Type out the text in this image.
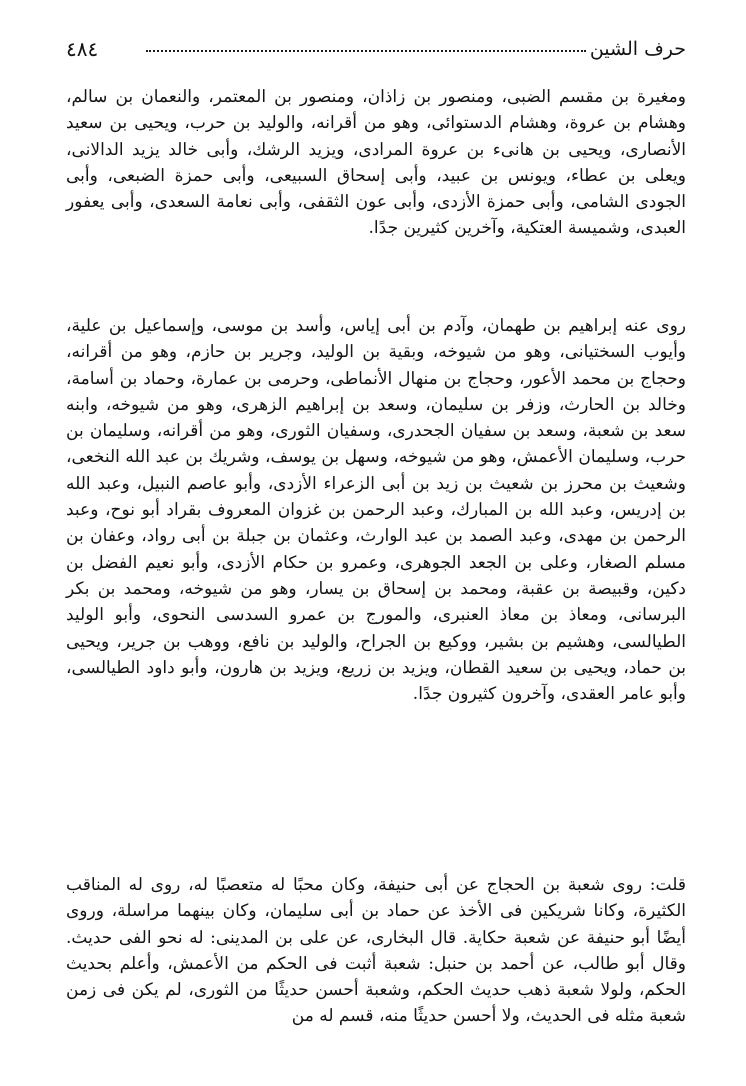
حرف الشين
٤٨٤

ومغيرة بن مقسم الضبى، ومنصور بن زاذان، ومنصور بن المعتمر، والنعمان بن سالم، وهشام بن عروة، وهشام الدستوائى، وهو من أقرانه، والوليد بن حرب، ويحيى بن سعيد الأنصارى، ويحيى بن هانىء بن عروة المرادى، ويزيد الرشك، وأبى خالد يزيد الدالانى، ويعلى بن عطاء، ويونس بن عبيد، وأبى إسحاق السبيعى، وأبى حمزة الضبعى، وأبى الجودى الشامى، وأبى حمزة الأزدى، وأبى عون الثقفى، وأبى نعامة السعدى، وأبى يعفور العبدى، وشميسة العتكية، وآخرين كثيرين جدًا.

روى عنه إبراهيم بن طهمان، وآدم بن أبى إياس، وأسد بن موسى، وإسماعيل بن علية، وأيوب السختيانى، وهو من شيوخه، وبقية بن الوليد، وجرير بن حازم، وهو من أقرانه، وحجاج بن محمد الأعور، وحجاج بن منهال الأنماطى، وحرمى بن عمارة، وحماد بن أسامة، وخالد بن الحارث، وزفر بن سليمان، وسعد بن إبراهيم الزهرى، وهو من شيوخه، وابنه سعد بن شعبة، وسعد بن سفيان الجحدرى، وسفيان الثورى، وهو من أقرانه، وسليمان بن حرب، وسليمان الأعمش، وهو من شيوخه، وسهل بن يوسف، وشريك بن عبد الله النخعى، وشعيث بن محرز بن شعيث بن زيد بن أبى الزعراء الأزدى، وأبو عاصم النبيل، وعبد الله بن إدريس، وعبد الله بن المبارك، وعبد الرحمن بن غزوان المعروف بقراد أبو نوح، وعبد الرحمن بن مهدى، وعبد الصمد بن عبد الوارث، وعثمان بن جبلة بن أبى رواد، وعفان بن مسلم الصغار، وعلى بن الجعد الجوهرى، وعمرو بن حكام الأزدى، وأبو نعيم الفضل بن دكين، وقبيصة بن عقبة، ومحمد بن إسحاق بن يسار، وهو من شيوخه، ومحمد بن بكر البرسانى، ومعاذ بن معاذ العنبرى، والمورج بن عمرو السدسى النحوى، وأبو الوليد الطيالسى، وهشيم بن بشير، ووكيع بن الجراح، والوليد بن نافع، ووهب بن جرير، ويحيى بن حماد، ويحيى بن سعيد القطان، ويزيد بن زريع، ويزيد بن هارون، وأبو داود الطيالسى، وأبو عامر العقدى، وآخرون كثيرون جدًا.

قلت: روى شعبة بن الحجاج عن أبى حنيفة، وكان محبًا له متعصبًا له، روى له المناقب الكثيرة، وكانا شريكين فى الأخذ عن حماد بن أبى سليمان، وكان بينهما مراسلة، وروى أيضًا أبو حنيفة عن شعبة حكاية. قال البخارى، عن على بن المدينى: له نحو الفى حديث. وقال أبو طالب، عن أحمد بن حنبل: شعبة أثبت فى الحكم من الأعمش، وأعلم بحديث الحكم، ولولا شعبة ذهب حديث الحكم، وشعبة أحسن حديثًا من الثورى، لم يكن فى زمن شعبة مثله فى الحديث، ولا أحسن حديثًا منه، قسم له من
